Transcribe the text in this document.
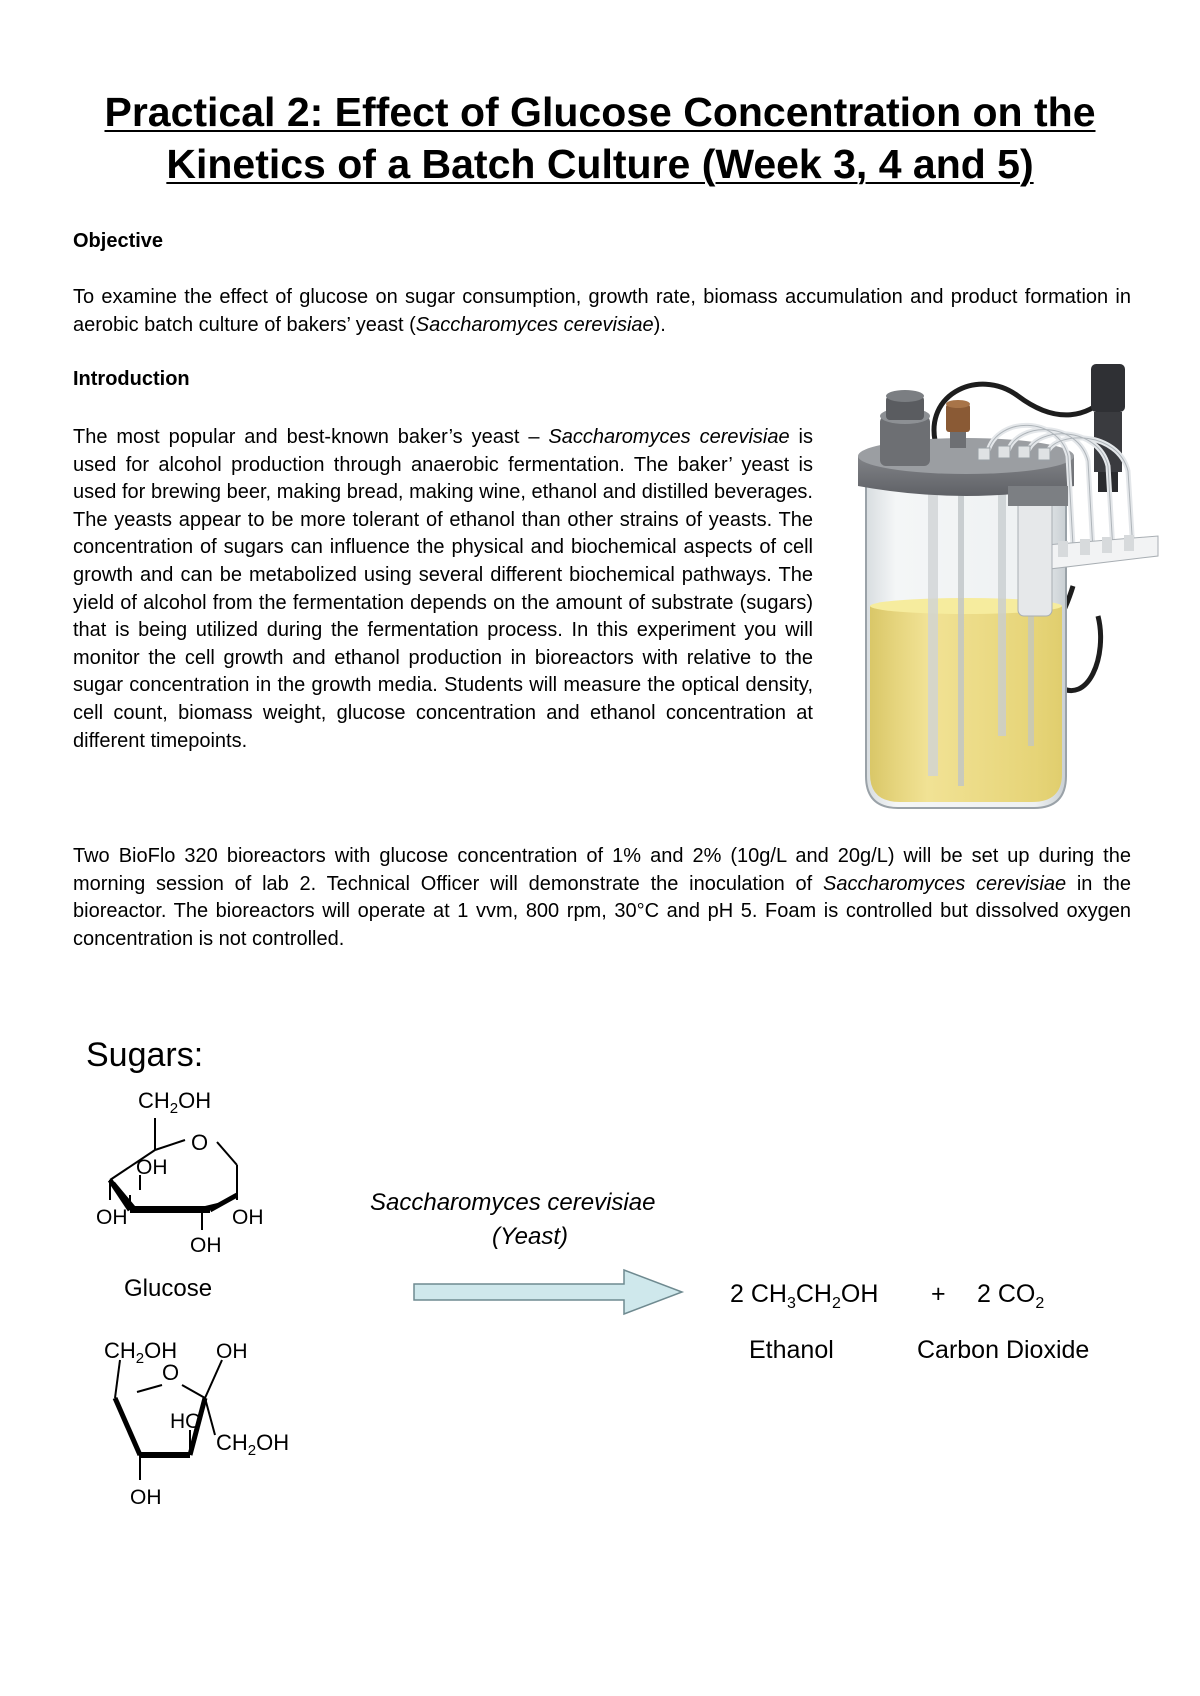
Practical 2: Effect of Glucose Concentration on the Kinetics of a Batch Culture (Week 3, 4 and 5)
Objective

To examine the effect of glucose on sugar consumption, growth rate, biomass accumulation and product formation in aerobic batch culture of bakers’ yeast (Saccharomyces cerevisiae).

Introduction

The most popular and best-known baker’s yeast – Saccharomyces cerevisiae is used for alcohol production through anaerobic fermentation. The baker’ yeast is used for brewing beer, making bread, making wine, ethanol and distilled beverages. The yeasts appear to be more tolerant of ethanol than other strains of yeasts. The concentration of sugars can influence the physical and biochemical aspects of cell growth and can be metabolized using several different biochemical pathways. The yield of alcohol from the fermentation depends on the amount of substrate (sugars) that is being utilized during the fermentation process. In this experiment you will monitor the cell growth and ethanol production in bioreactors with relative to the sugar concentration in the growth media. Students will measure the optical density, cell count, biomass weight, glucose concentration and ethanol concentration at different timepoints.

Two BioFlo 320 bioreactors with glucose concentration of 1% and 2% (10g/L and 20g/L) will be set up during the morning session of lab 2. Technical Officer will demonstrate the inoculation of Saccharomyces cerevisiae in the bioreactor. The bioreactors will operate at 1 vvm, 800 rpm, 30°C and pH 5. Foam is controlled but dissolved oxygen concentration is not controlled.

Sugars:
$CH_2OH$
O
OH
OH	OH
OH
Glucose
$CH_2OH$
O
OH
HO
$CH_2OH$
OH
Saccharomyces cerevisiae
(Yeast)
2 $CH_3CH_2OH + 2$ $CO_2$
Ethanol	Carbon Dioxide
